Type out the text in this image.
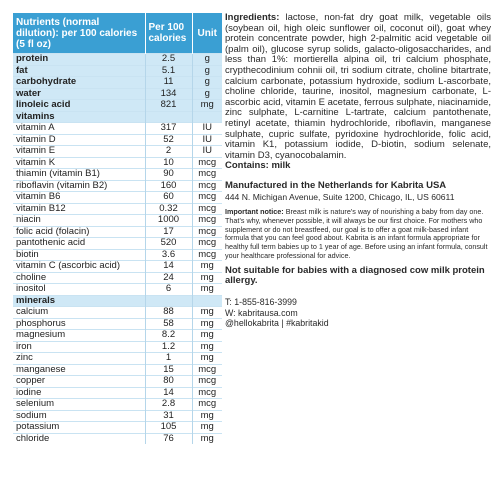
Nutrients (normal dilution): per 100 calories (5 fl oz)	Per 100 calories	Unit
protein	2.5	g
fat	5.1	g
carbohydrate	11	g
water	134	g
linoleic acid	821	mg
vitamins		
vitamin A	317	IU
vitamin D	52	IU
vitamin E	2	IU
vitamin K	10	mcg
thiamin (vitamin B1)	90	mcg
riboflavin (vitamin B2)	160	mcg
vitamin B6	60	mcg
vitamin B12	0.32	mcg
niacin	1000	mcg
folic acid (folacin)	17	mcg
pantothenic acid	520	mcg
biotin	3.6	mcg
vitamin C (ascorbic acid)	14	mg
choline	24	mg
inositol	6	mg
minerals		
calcium	88	mg
phosphorus	58	mg
magnesium	8.2	mg
iron	1.2	mg
zinc	1	mg
manganese	15	mcg
copper	80	mcg
iodine	14	mcg
selenium	2.8	mcg
sodium	31	mg
potassium	105	mg
chloride	76	mg

Ingredients: lactose, non-fat dry goat milk, vegetable oils (soybean oil, high oleic sunflower oil, coconut oil), goat whey protein concentrate powder, high 2-palmitic acid vegetable oil (palm oil), glucose syrup solids, galacto-oligosaccharides, and less than 1%: mortierella alpina oil, tri calcium phosphate, crypthecodinium cohnii oil, tri sodium citrate, choline bitartrate, calcium carbonate, potassium hydroxide, sodium L-ascorbate, choline chloride, taurine, inositol, magnesium carbonate, L-ascorbic acid, vitamin E acetate, ferrous sulphate, niacinamide, zinc sulphate, L-carnitine L-tartrate, calcium pantothenate, retinyl acetate, thiamin hydrochloride, riboflavin, manganese sulphate, cupric sulfate, pyridoxine hydrochloride, folic acid, vitamin K1, potassium iodide, D-biotin, sodium selenate, vitamin D3, cyanocobalamin.

Contains: milk

Manufactured in the Netherlands for Kabrita USA

444 N. Michigan Avenue, Suite 1200, Chicago, IL, US 60611

Important notice: Breast milk is nature’s way of nourishing a baby from day one. That’s why, whenever possible, it will always be our first choice. For mothers who supplement or do not breastfeed, our goal is to offer a goat milk-based infant formula that you can feel good about. Kabrita is an infant formula appropriate for healthy full term babies up to 1 year of age. Before using an infant formula, consult your healthcare professional for advice.

Not suitable for babies with a diagnosed cow milk protein allergy.

T: 1-855-816-3999
W: kabritausa.com
@hellokabrita | #kabritakid
